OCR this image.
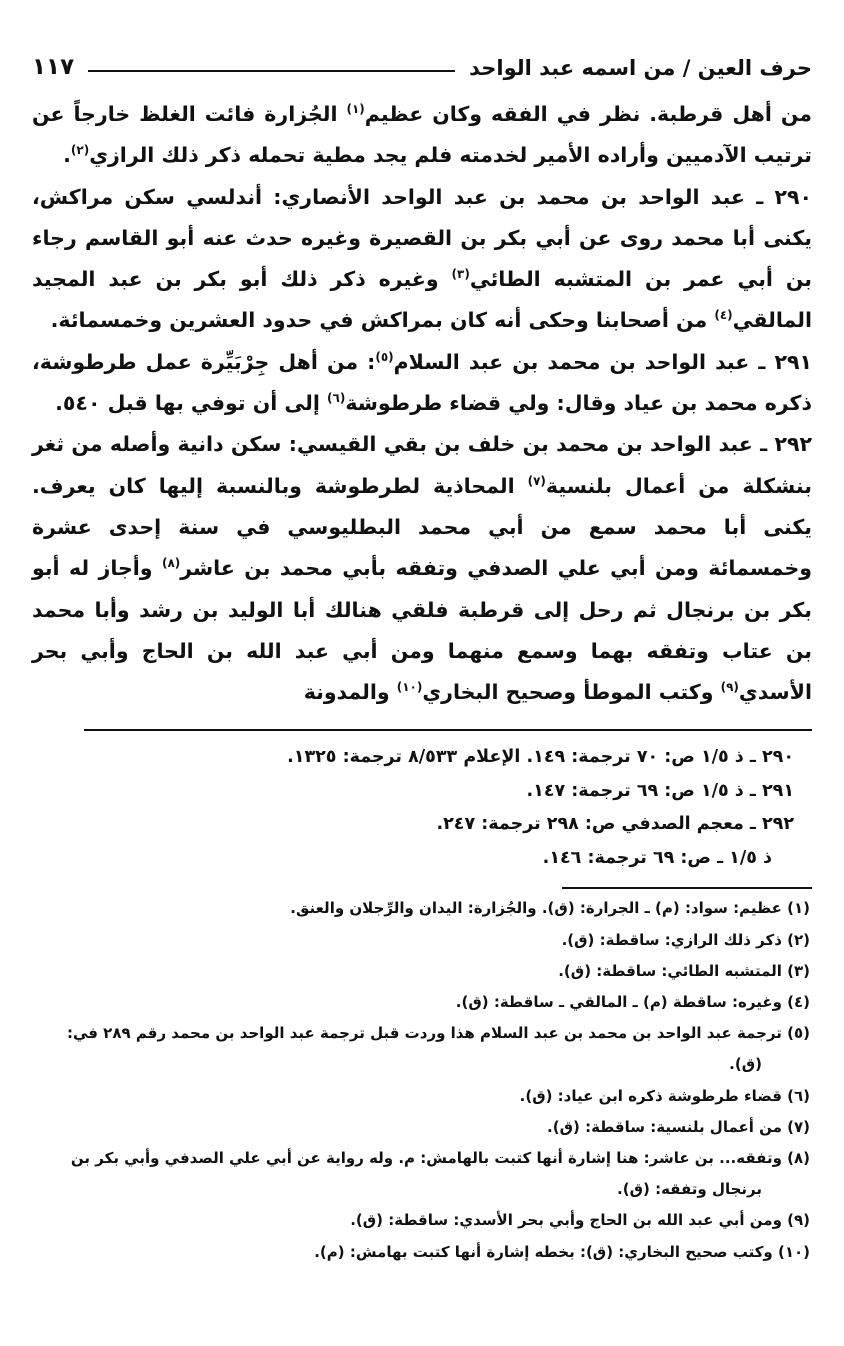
حرف العين / من اسمه عبد الواحد
١١٧

من أهل قرطبة. نظر في الفقه وكان عظيم$^{(١)}$ الجُزارة فائت الغلظ خارجاً عن ترتيب الآدميين وأراده الأمير لخدمته فلم يجد مطية تحمله ذكر ذلك الرازي$^{(٢)}$.

٢٩٠ ـ عبد الواحد بن محمد بن عبد الواحد الأنصاري: أندلسي سكن مراكش، يكنى أبا محمد روى عن أبي بكر بن القصيرة وغيره حدث عنه أبو القاسم رجاء بن أبي عمر بن المتشبه الطائي$^{(٣)}$ وغيره ذكر ذلك أبو بكر بن عبد المجيد المالقي$^{(٤)}$ من أصحابنا وحكى أنه كان بمراكش في حدود العشرين وخمسمائة.

٢٩١ ـ عبد الواحد بن محمد بن عبد السلام$^{(٥)}$: من أهل جِرْبَيِّرة عمل طرطوشة، ذكره محمد بن عياد وقال: ولي قضاء طرطوشة$^{(٦)}$ إلى أن توفي بها قبل ٥٤٠.

٢٩٢ ـ عبد الواحد بن محمد بن خلف بن بقي القيسي: سكن دانية وأصله من ثغر بنشكلة من أعمال بلنسية$^{(٧)}$ المحاذية لطرطوشة وبالنسبة إليها كان يعرف. يكنى أبا محمد سمع من أبي محمد البطليوسي في سنة إحدى عشرة وخمسمائة ومن أبي علي الصدفي وتفقه بأبي محمد بن عاشر$^{(٨)}$ وأجاز له أبو بكر بن برنجال ثم رحل إلى قرطبة فلقي هنالك أبا الوليد بن رشد وأبا محمد بن عتاب وتفقه بهما وسمع منهما ومن أبي عبد الله بن الحاج وأبي بحر الأسدي$^{(٩)}$ وكتب الموطأ وصحيح البخاري$^{(١٠)}$ والمدونة

٢٩٠ ـ ذ ١/٥ ص: ٧٠ ترجمة: ١٤٩. الإعلام ٨/٥٣٣ ترجمة: ١٣٢٥.
٢٩١ ـ ذ ١/٥ ص: ٦٩ ترجمة: ١٤٧.
٢٩٢ ـ معجم الصدفي ص: ٢٩٨ ترجمة: ٢٤٧.
ذ ١/٥ ـ ص: ٦٩ ترجمة: ١٤٦.
(١) عظيم: سواد: (م) ـ الجرارة: (ق). والجُزارة: اليدان والرِّجلان والعنق.
(٢) ذكر ذلك الرازي: ساقطة: (ق).
(٣) المتشبه الطائي: ساقطة: (ق).
(٤) وغيره: ساقطة (م) ـ المالقي ـ ساقطة: (ق).
(٥) ترجمة عبد الواحد بن محمد بن عبد السلام هذا وردت قبل ترجمة عبد الواحد بن محمد رقم ٢٨٩ في:
(ق).
(٦) قضاء طرطوشة ذكره ابن عياد: (ق).
(٧) من أعمال بلنسية: ساقطة: (ق).
(٨) وتفقه... بن عاشر: هنا إشارة أنها كتبت بالهامش: م. وله رواية عن أبي علي الصدفي وأبي بكر بن
برنجال وتفقه: (ق).
(٩) ومن أبي عبد الله بن الحاج وأبي بحر الأسدي: ساقطة: (ق).
(١٠) وكتب صحيح البخاري: (ق): بخطه إشارة أنها كتبت بهامش: (م).
